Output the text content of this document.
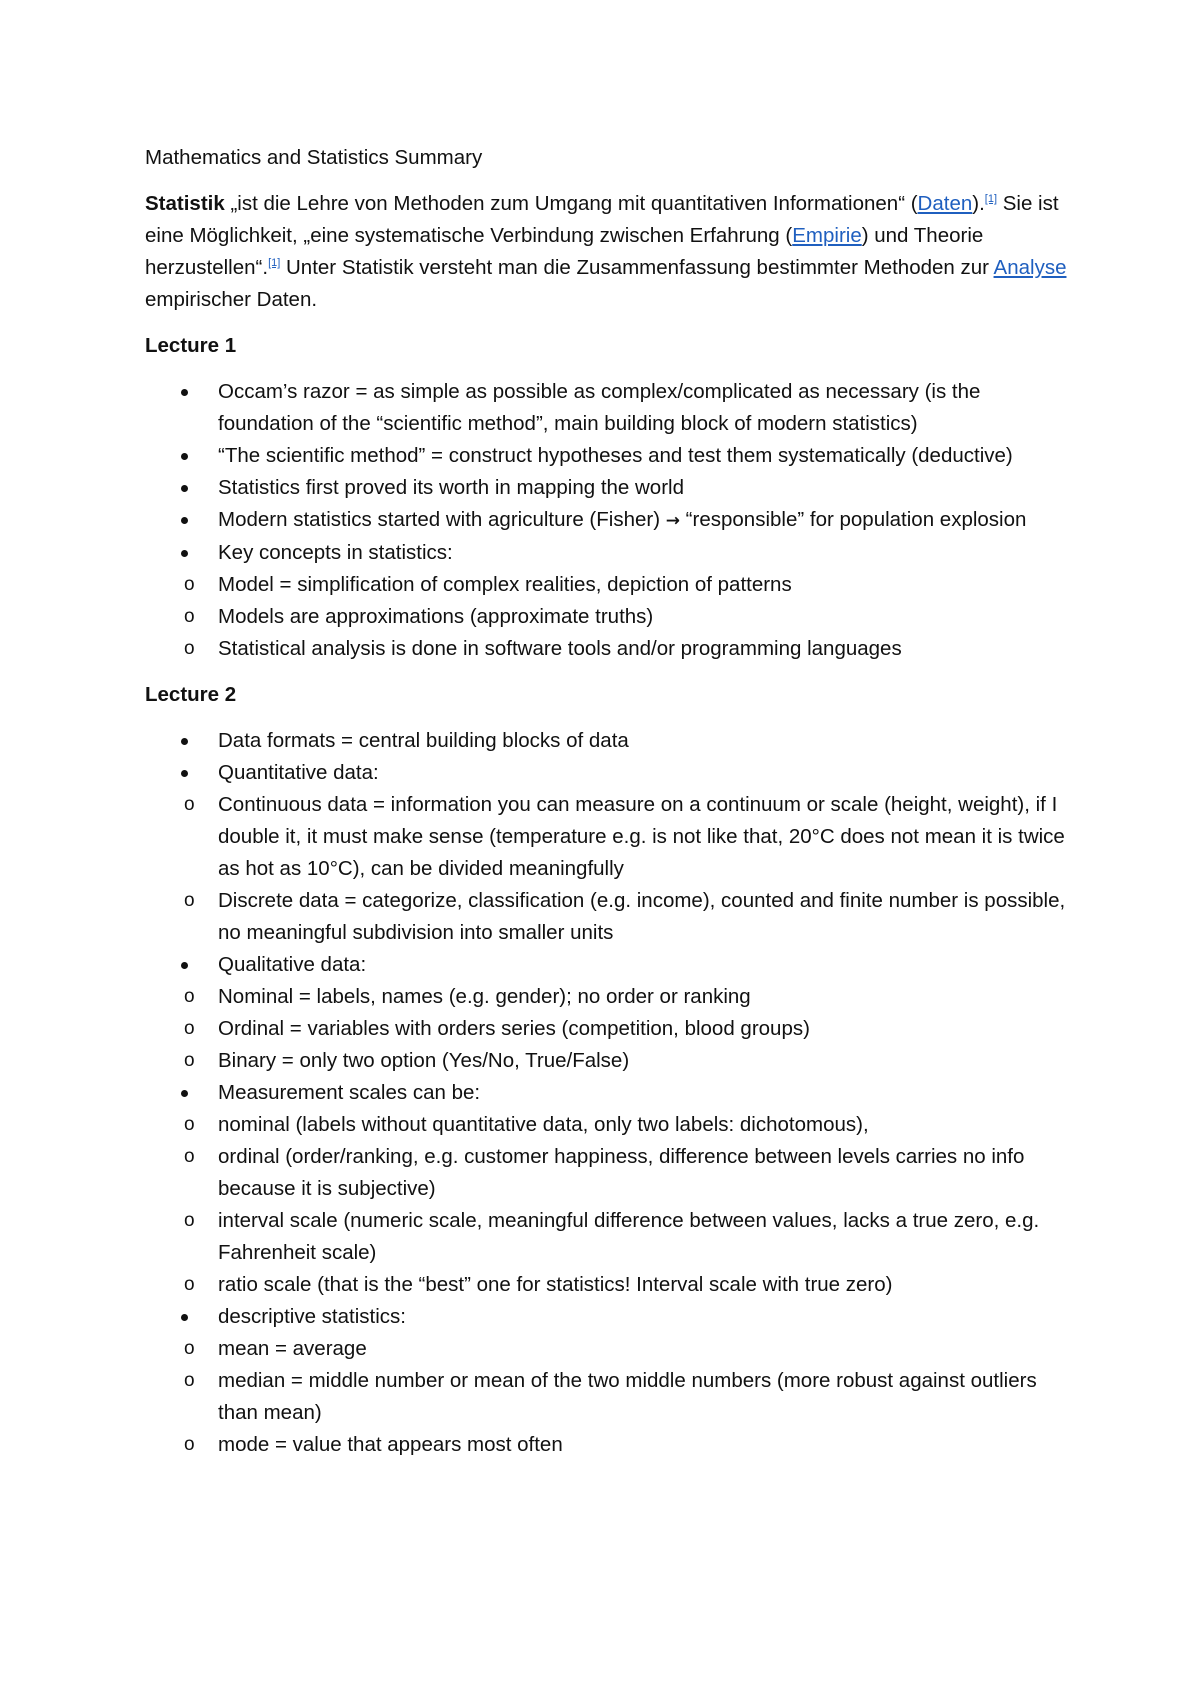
Mathematics and Statistics Summary

Statistik „ist die Lehre von Methoden zum Umgang mit quantitativen Informationen“ (Daten).[1] Sie ist eine Möglichkeit, „eine systematische Verbindung zwischen Erfahrung (Empirie) und Theorie herzustellen“.[1] Unter Statistik versteht man die Zusammenfassung bestimmter Methoden zur Analyse empirischer Daten.

Lecture 1
Occam’s razor = as simple as possible as complex/complicated as necessary (is the foundation of the “scientific method”, main building block of modern statistics)
“The scientific method” = construct hypotheses and test them systematically (deductive)
Statistics first proved its worth in mapping the world
Modern statistics started with agriculture (Fisher) → “responsible” for population explosion
Key concepts in statistics:
o Model = simplification of complex realities, depiction of patterns
o Models are approximations (approximate truths)
o Statistical analysis is done in software tools and/or programming languages
Lecture 2
Data formats = central building blocks of data
Quantitative data:
o Continuous data = information you can measure on a continuum or scale (height, weight), if I double it, it must make sense (temperature e.g. is not like that, 20°C does not mean it is twice as hot as 10°C), can be divided meaningfully
o Discrete data = categorize, classification (e.g. income), counted and finite number is possible, no meaningful subdivision into smaller units
Qualitative data:
o Nominal = labels, names (e.g. gender); no order or ranking
o Ordinal = variables with orders series (competition, blood groups)
o Binary = only two option (Yes/No, True/False)
Measurement scales can be:
o nominal (labels without quantitative data, only two labels: dichotomous),
o ordinal (order/ranking, e.g. customer happiness, difference between levels carries no info because it is subjective)
o interval scale (numeric scale, meaningful difference between values, lacks a true zero, e.g. Fahrenheit scale)
o ratio scale (that is the “best” one for statistics! Interval scale with true zero)
descriptive statistics:
o mean = average
o median = middle number or mean of the two middle numbers (more robust against outliers than mean)
o mode = value that appears most often
